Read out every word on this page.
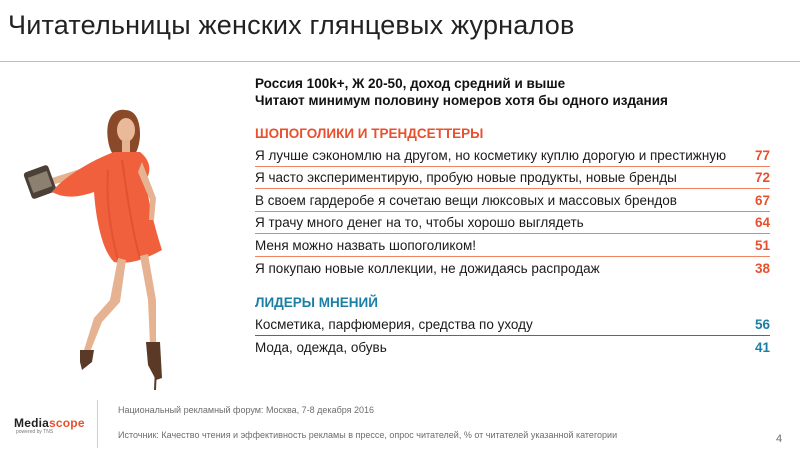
Читательницы женских глянцевых журналов
Россия 100k+, Ж 20-50, доход средний и выше
Читают минимум половину номеров хотя бы одного издания
ШОПОГОЛИКИ И ТРЕНДСЕТТЕРЫ
Я лучше сэкономлю на другом, но косметику куплю дорогую и престижную	77
Я часто экспериментирую, пробую новые продукты, новые бренды	72
В своем гардеробе я сочетаю вещи люксовых и массовых брендов	67
Я трачу много денег на то, чтобы хорошо выглядеть	64
Меня можно назвать шопоголиком!	51
Я покупаю новые коллекции, не дожидаясь распродаж	38
ЛИДЕРЫ МНЕНИЙ
Косметика, парфюмерия, средства по уходу	56
Мода, одежда, обувь	41
Mediascope
powered by TNS
Национальный рекламный форум: Москва, 7-8 декабря 2016
Источник: Качество чтения и эффективность рекламы в прессе, опрос читателей, % от читателей указанной категории	4
